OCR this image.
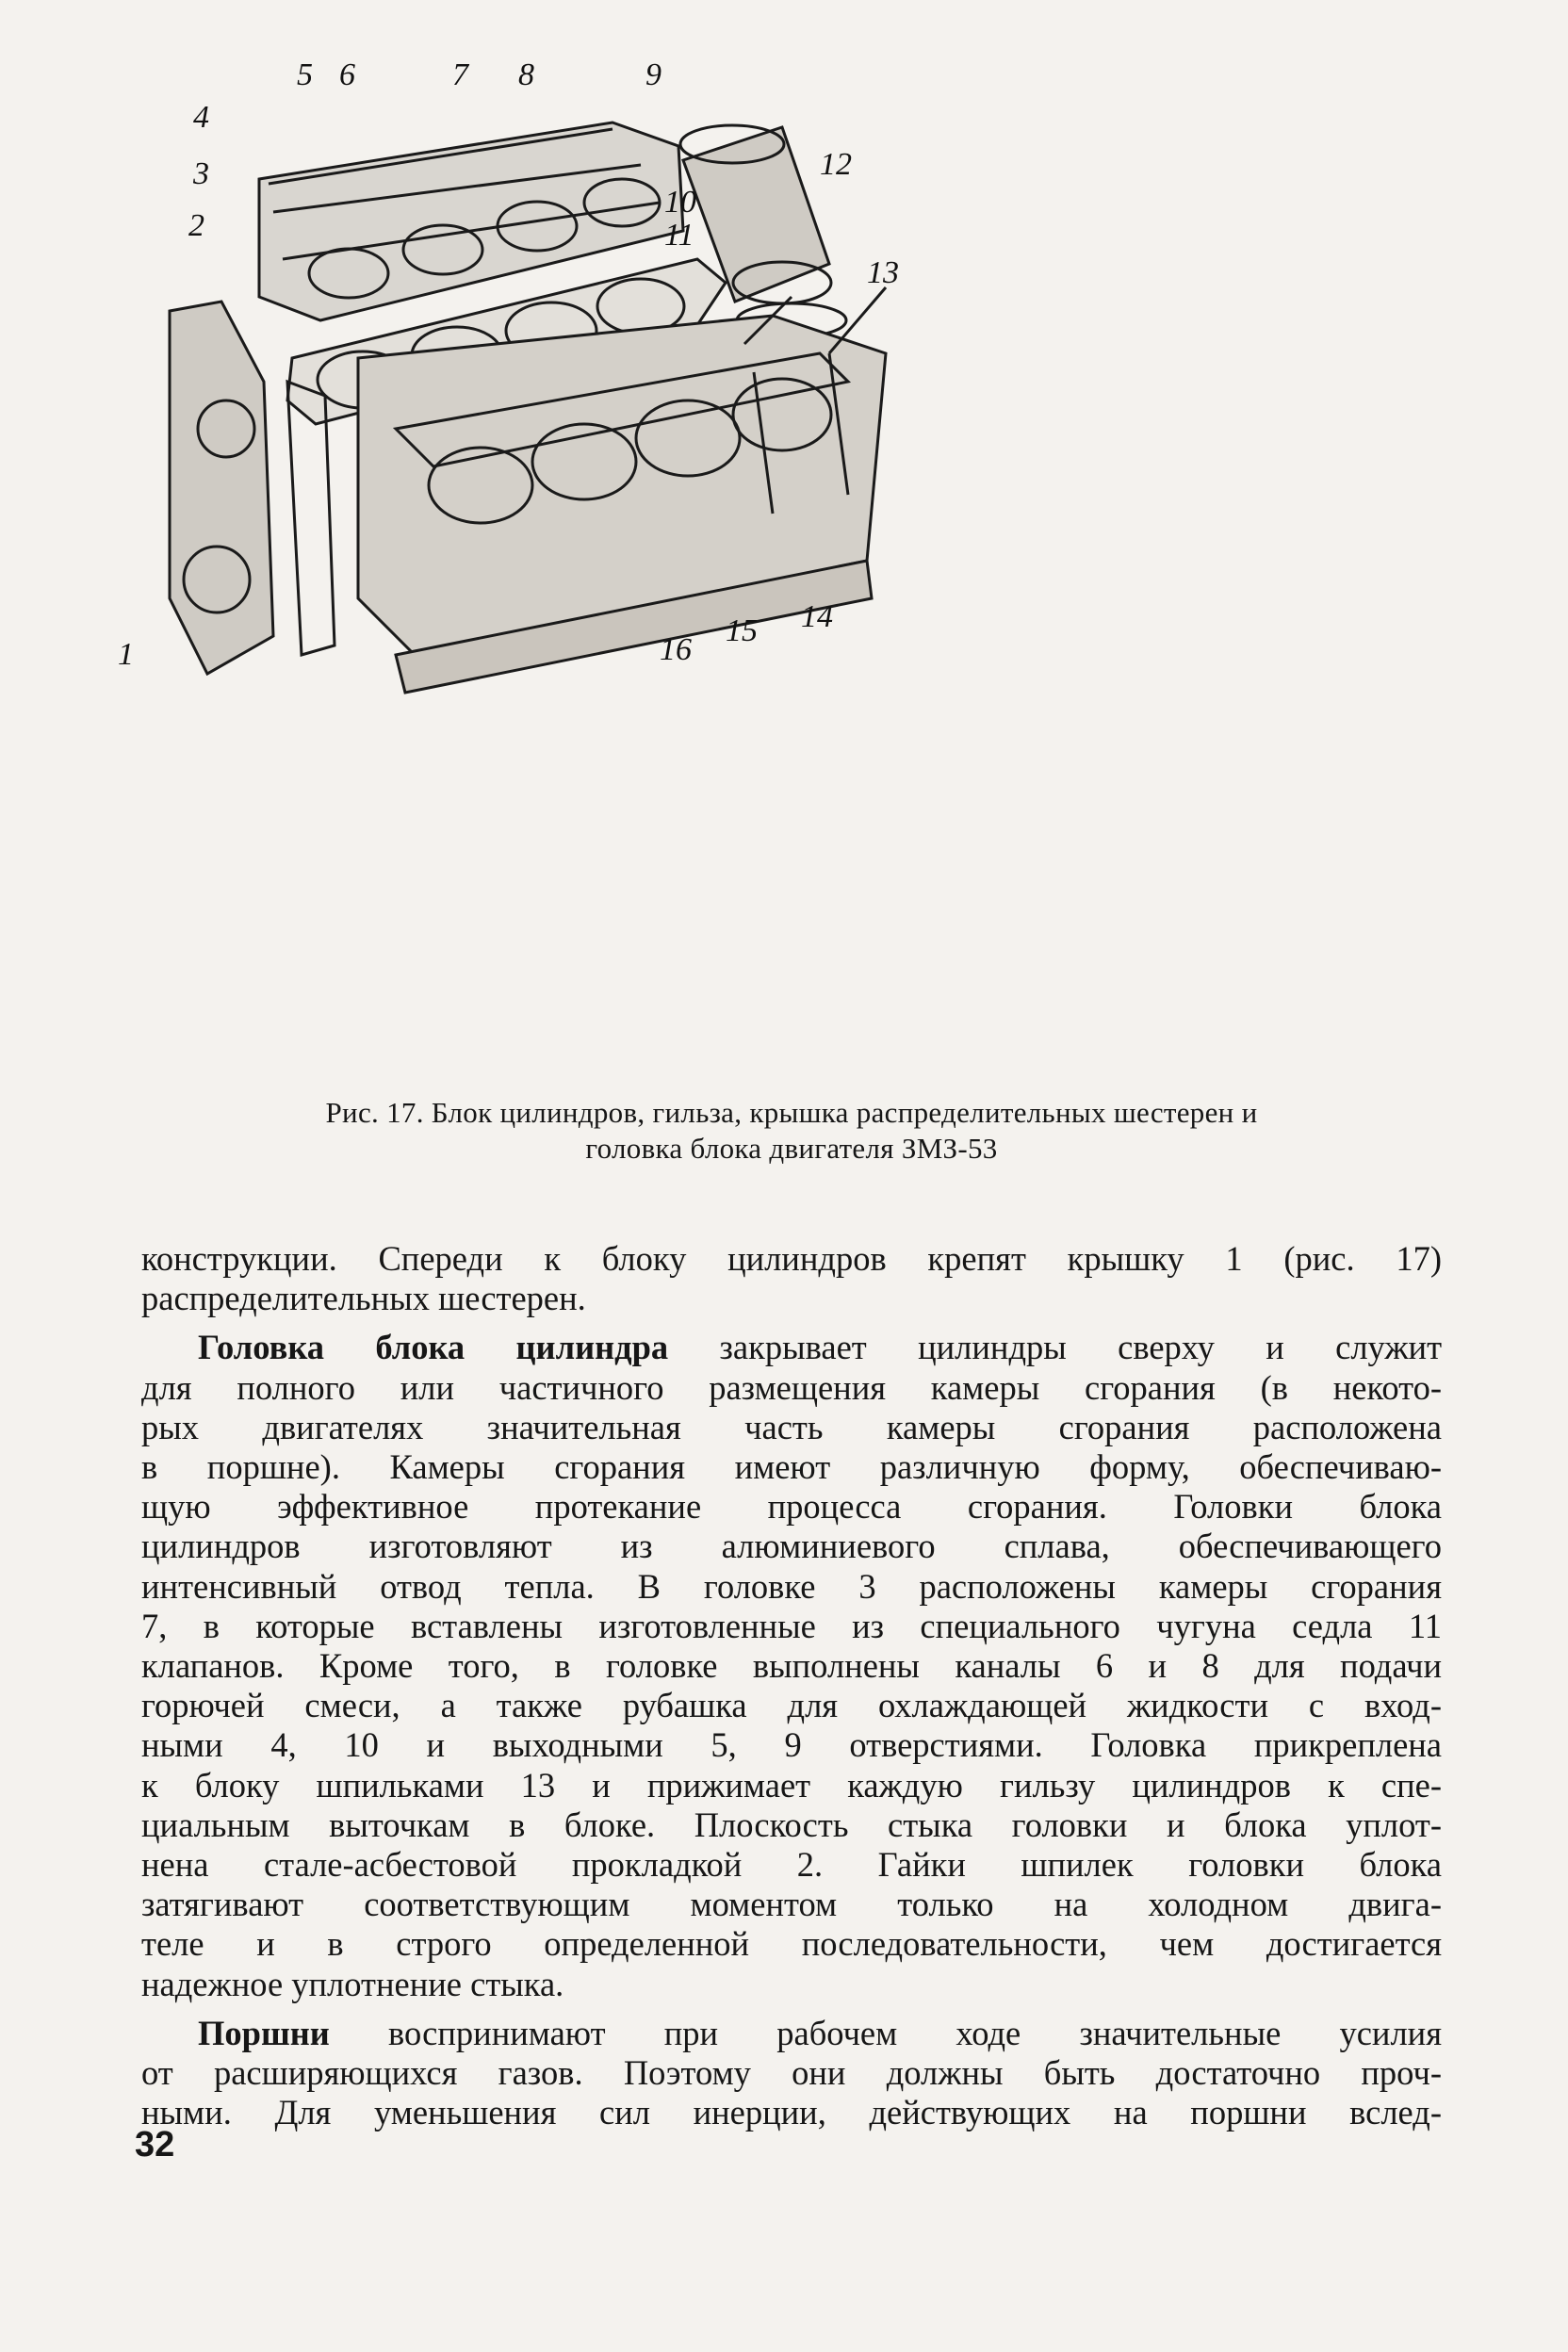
5 6	7 8	9
4
3
10
11
12
2
13
14
15
16
1
Рис. 17. Блок цилиндров, гильза, крышка распределительных шестерен и
головка блока двигателя ЗМЗ-53
конструкции. Спереди к блоку цилиндров крепят крышку 1 (рис. 17)
распределительных шестерен.
Головка блока цилиндра закрывает цилиндры сверху и служит
для полного или частичного размещения камеры сгорания (в некото-
рых двигателях значительная часть камеры сгорания расположена
в поршне). Камеры сгорания имеют различную форму, обеспечиваю-
щую эффективное протекание процесса сгорания. Головки блока
цилиндров изготовляют из алюминиевого сплава, обеспечивающего
интенсивный отвод тепла. В головке 3 расположены камеры сгорания
7, в которые вставлены изготовленные из специального чугуна седла 11
клапанов. Кроме того, в головке выполнены каналы 6 и 8 для подачи
горючей смеси, а также рубашка для охлаждающей жидкости с вход-
ными 4, 10 и выходными 5, 9 отверстиями. Головка прикреплена
к блоку шпильками 13 и прижимает каждую гильзу цилиндров к спе-
циальным выточкам в блоке. Плоскость стыка головки и блока уплот-
нена стале-асбестовой прокладкой 2. Гайки шпилек головки блока
затягивают соответствующим моментом только на холодном двига-
теле и в строго определенной последовательности, чем достигается
надежное уплотнение стыка.
Поршни воспринимают при рабочем ходе значительные усилия
от расширяющихся газов. Поэтому они должны быть достаточно проч-
ными. Для уменьшения сил инерции, действующих на поршни вслед-
32
